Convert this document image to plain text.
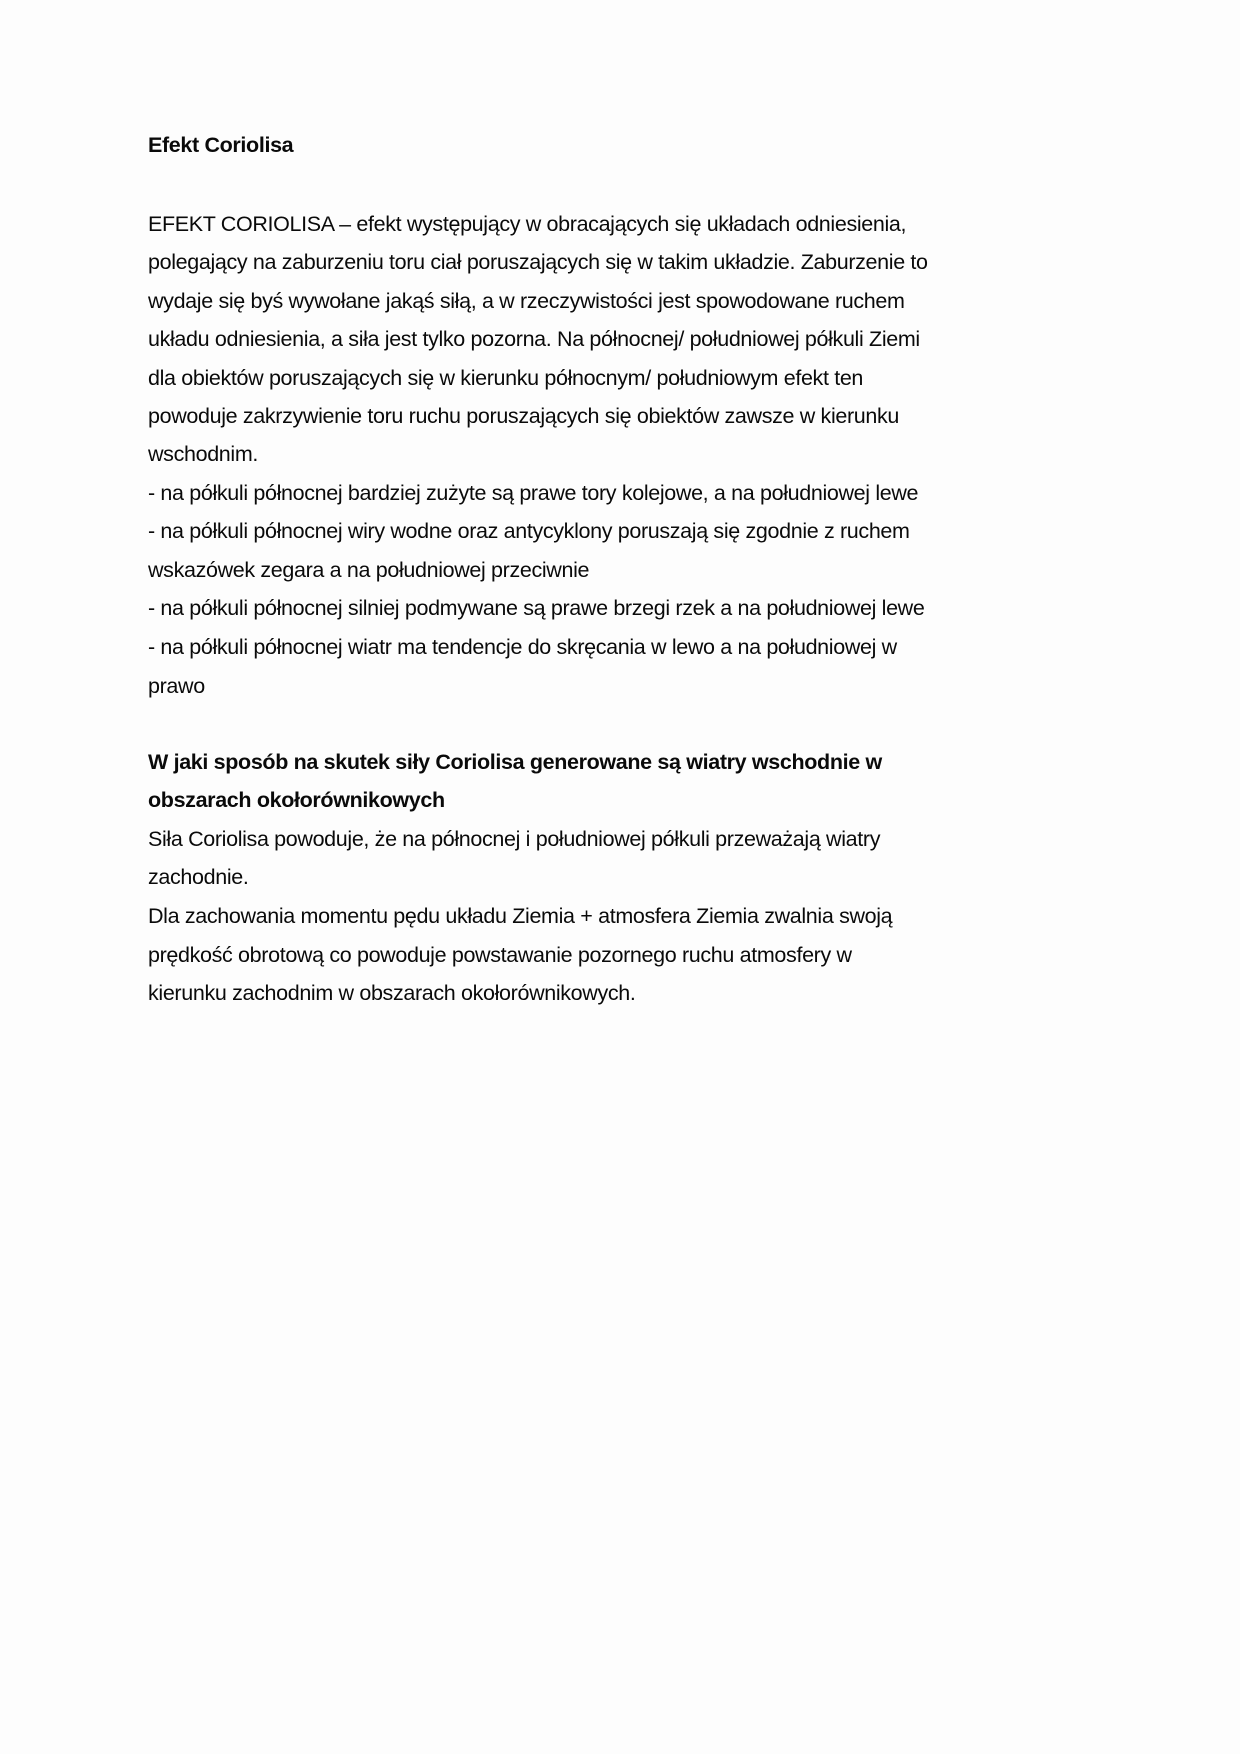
Efekt Coriolisa
EFEKT CORIOLISA – efekt występujący w obracających się układach odniesienia,
polegający na zaburzeniu toru ciał poruszających się w takim układzie. Zaburzenie to
wydaje się byś wywołane jakąś siłą, a w rzeczywistości jest spowodowane ruchem
układu odniesienia, a siła jest tylko pozorna. Na północnej/ południowej półkuli Ziemi
dla obiektów poruszających się w kierunku północnym/ południowym efekt ten
powoduje zakrzywienie toru ruchu poruszających się obiektów zawsze w kierunku
wschodnim.
- na półkuli północnej bardziej zużyte są prawe tory kolejowe, a na południowej lewe
- na półkuli północnej wiry wodne oraz antycyklony poruszają się zgodnie z ruchem
wskazówek zegara a na południowej przeciwnie
- na półkuli północnej silniej podmywane są prawe brzegi rzek a na południowej lewe
- na półkuli północnej wiatr ma tendencje do skręcania w lewo a na południowej w
prawo
W jaki sposób na skutek siły Coriolisa generowane są wiatry wschodnie w
obszarach okołorównikowych
Siła Coriolisa powoduje, że na północnej i południowej półkuli przeważają wiatry
zachodnie.
Dla zachowania momentu pędu układu Ziemia + atmosfera Ziemia zwalnia swoją
prędkość obrotową co powoduje powstawanie pozornego ruchu atmosfery w
kierunku zachodnim w obszarach okołorównikowych.
